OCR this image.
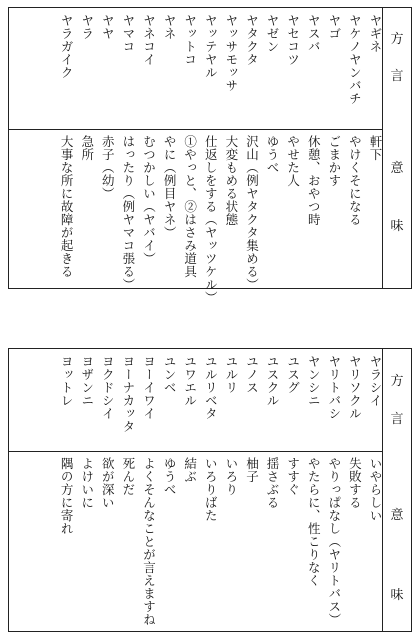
方
言
意
味
ヤギネ
ヤケノヤンバチ
ヤゴ
ヤスバ
ヤセコツ
ヤゼン
ヤタクタ
ヤッサモッサ
ヤッテヤル
ヤットコ
ヤネ
ヤネコイ
ヤマコ
ヤヤ
ヤラ
ヤラガイク
軒下
やけくそになる
ごまかす
休憩、おやつ時
やせた人
ゆうべ
沢山（例ヤタクタ集める）
大変もめる状態
仕返しをする（ヤッツケル）
①やっと、②はさみ道具
やに（例目ヤネ）
むつかしい（ヤバイ）
はったり（例ヤマコ張る）
赤子（幼）
急所
大事な所に故障が起きる
方
言
意
味
ヤラシイ
ヤリソクル
ヤリトバシ
ヤンシニ
ユスグ
ユスクル
ユノス
ユルリ
ユルリベタ
ユワエル
ユンベ
ヨーイワイ
ヨーナカッタ
ヨクドシイ
ヨザンニ
ヨットレ
いやらしい
失敗する
やりっぱなし（ヤリトバス）
やたらに、性こりなく
すすぐ
揺さぶる
柚子
いろり
いろりばた
結ぶ
ゆうべ
よくそんなことが言えますね
死んだ
欲が深い
よけいに
隅の方に寄れ
